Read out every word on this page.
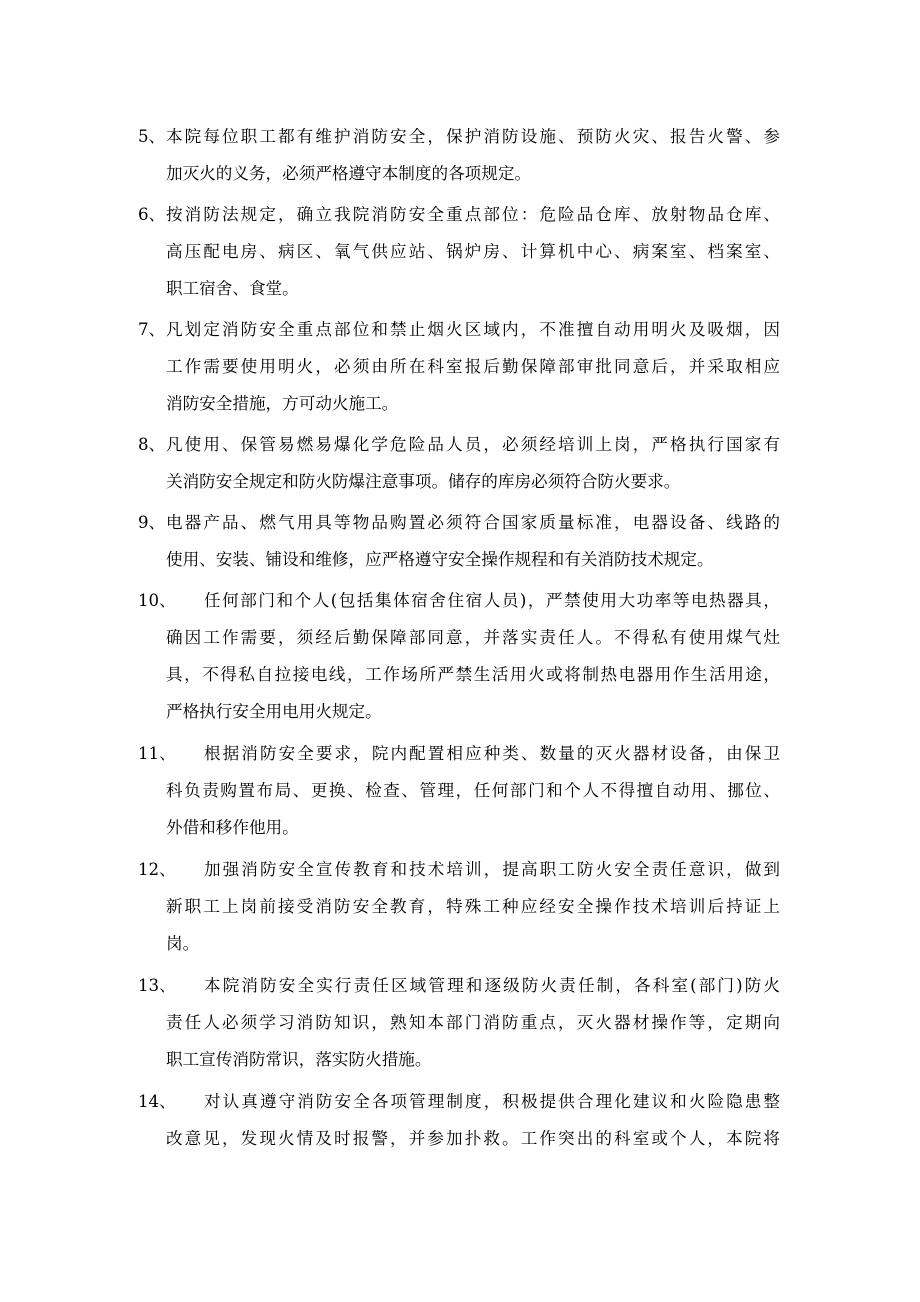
5、 本院每位职工都有维护消防安全，保护消防设施、预防火灾、报告火警、参
加灭火的义务，必须严格遵守本制度的各项规定。
6、 按消防法规定，确立我院消防安全重点部位：危险品仓库、放射物品仓库、
高压配电房、病区、氧气供应站、锅炉房、计算机中心、病案室、档案室、
职工宿舍、食堂。
7、 凡划定消防安全重点部位和禁止烟火区域内，不准擅自动用明火及吸烟，因
工作需要使用明火，必须由所在科室报后勤保障部审批同意后，并采取相应
消防安全措施，方可动火施工。
8、 凡使用、保管易燃易爆化学危险品人员，必须经培训上岗，严格执行国家有
关消防安全规定和防火防爆注意事项。储存的库房必须符合防火要求。
9、 电器产品、燃气用具等物品购置必须符合国家质量标准，电器设备、线路的
使用、安装、铺设和维修，应严格遵守安全操作规程和有关消防技术规定。
10、 任何部门和个人(包括集体宿舍住宿人员)，严禁使用大功率等电热器具，
确因工作需要，须经后勤保障部同意，并落实责任人。不得私有使用煤气灶
具，不得私自拉接电线，工作场所严禁生活用火或将制热电器用作生活用途，
严格执行安全用电用火规定。
11、 根据消防安全要求，院内配置相应种类、数量的灭火器材设备，由保卫
科负责购置布局、更换、检查、管理，任何部门和个人不得擅自动用、挪位、
外借和移作他用。
12、 加强消防安全宣传教育和技术培训，提高职工防火安全责任意识，做到
新职工上岗前接受消防安全教育，特殊工种应经安全操作技术培训后持证上
岗。
13、 本院消防安全实行责任区域管理和逐级防火责任制，各科室(部门)防火
责任人必须学习消防知识，熟知本部门消防重点，灭火器材操作等，定期向
职工宣传消防常识，落实防火措施。
14、 对认真遵守消防安全各项管理制度，积极提供合理化建议和火险隐患整
改意见，发现火情及时报警，并参加扑救。工作突出的科室或个人，本院将
